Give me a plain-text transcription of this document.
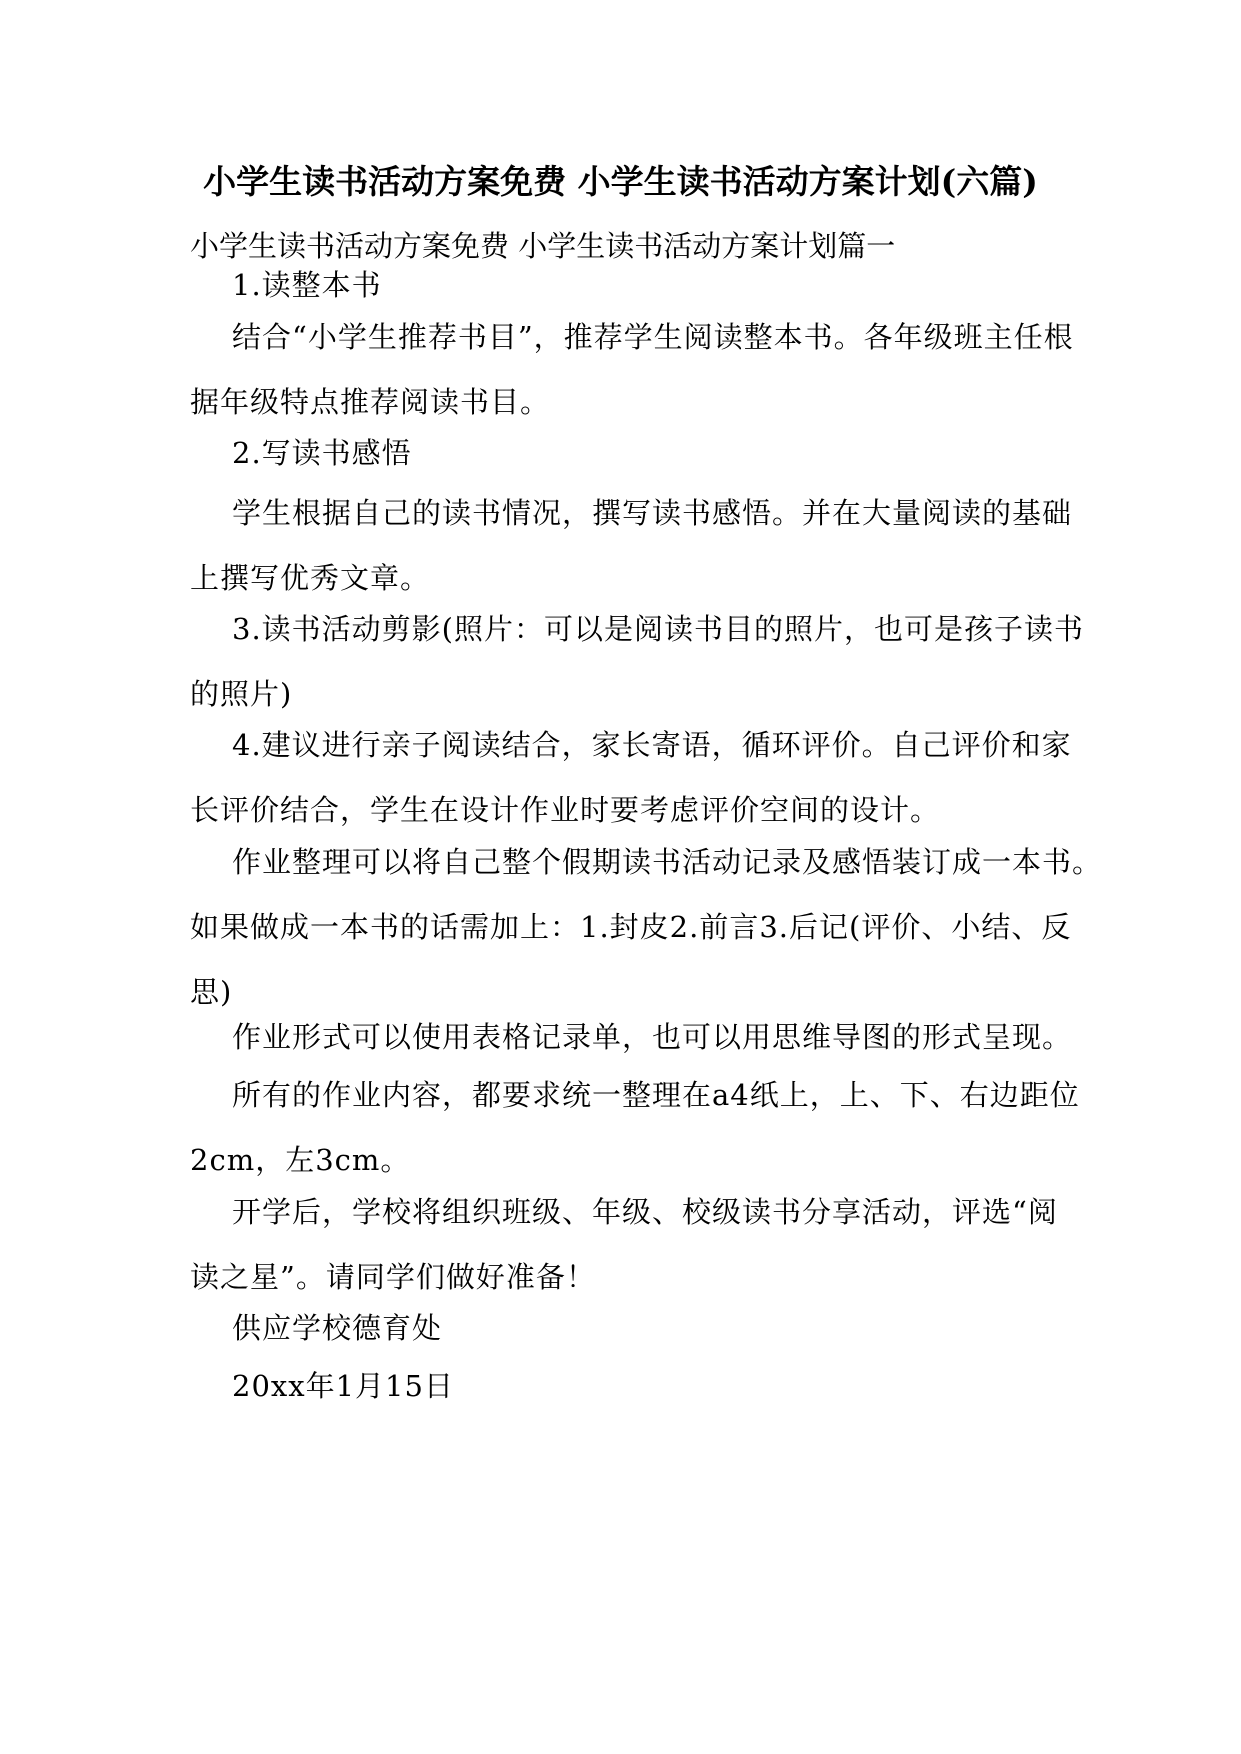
小学生读书活动方案免费 小学生读书活动方案计划(六篇)
小学生读书活动方案免费 小学生读书活动方案计划篇一
1.读整本书
结合“小学生推荐书目”，推荐学生阅读整本书。各年级班主任根
据年级特点推荐阅读书目。
2.写读书感悟
学生根据自己的读书情况，撰写读书感悟。并在大量阅读的基础
上撰写优秀文章。
3.读书活动剪影(照片：可以是阅读书目的照片，也可是孩子读书
的照片)
4.建议进行亲子阅读结合，家长寄语，循环评价。自己评价和家
长评价结合，学生在设计作业时要考虑评价空间的设计。
作业整理可以将自己整个假期读书活动记录及感悟装订成一本书。
如果做成一本书的话需加上：1.封皮2.前言3.后记(评价、小结、反
思)
作业形式可以使用表格记录单，也可以用思维导图的形式呈现。
所有的作业内容，都要求统一整理在a4纸上，上、下、右边距位
2cm，左3cm。
开学后，学校将组织班级、年级、校级读书分享活动，评选“阅
读之星”。请同学们做好准备！
供应学校德育处
20xx年1月15日
